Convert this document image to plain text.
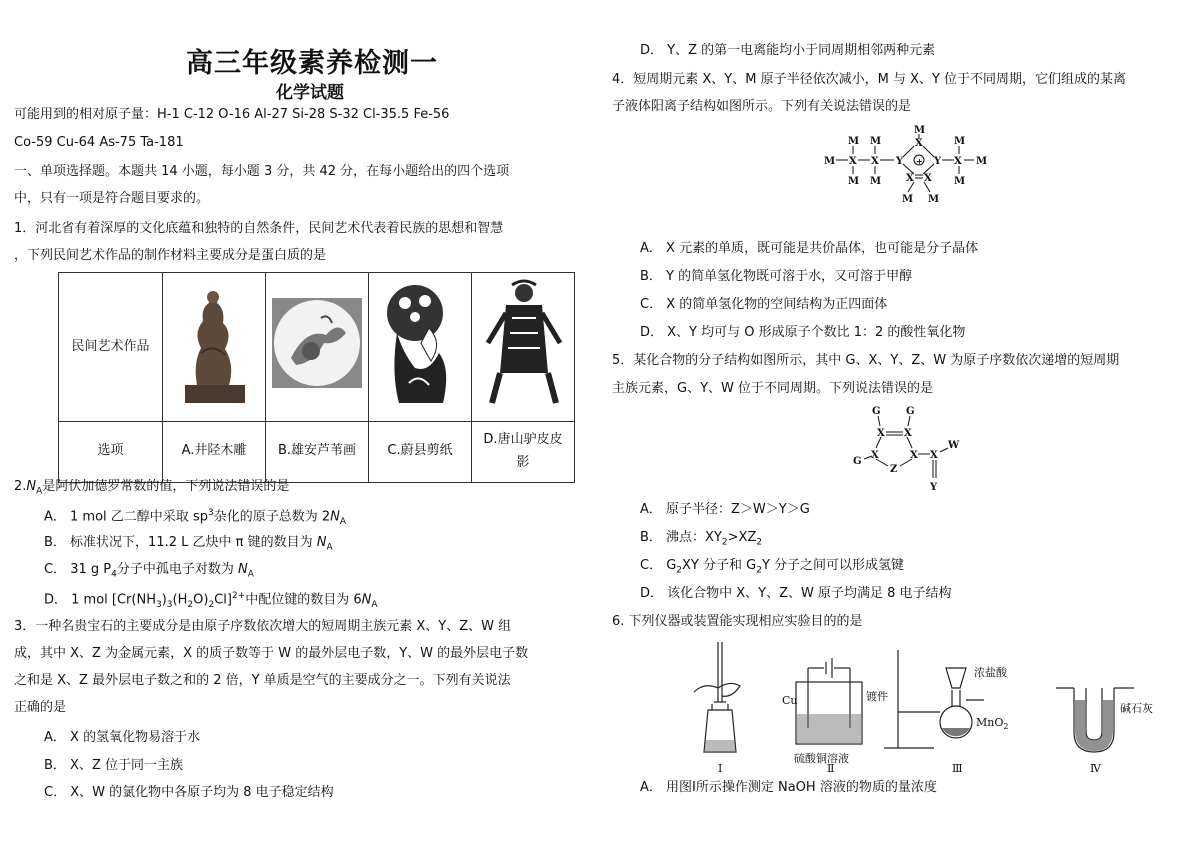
高三年级素养检测一
化学试题
可能用到的相对原子量：H-1 C-12 O-16 Al-27 Si-28 S-32 Cl-35.5 Fe-56
Co-59 Cu-64 As-75 Ta-181
一、单项选择题。本题共 14 小题，每小题 3 分，共 42 分，在每小题给出的四个选项
中，只有一项是符合题目要求的。
1．河北省有着深厚的文化底蕴和独特的自然条件，民间艺术代表着民族的思想和智慧
，下列民间艺术作品的制作材料主要成分是蛋白质的是
民间艺术作品				
选项	A.井陉木雕	B.雄安芦苇画	C.蔚县剪纸	D.唐山驴皮皮
影
$2.N_A$是阿伏加德罗常数的值，下列说法错误的是
A． 1 mol 乙二醇中采取 $sp^3$杂化的原子总数为 $2N_A$
B． 标准状况下，11.2 L 乙炔中 π 键的数目为 $N_A$
C． 31 g $P_4$分子中孤电子对数为 $N_A$
D． 1 mol $[Cr(NH_3)_3(H_2O)_2Cl]^{2+}$中配位键的数目为 $6N_A$
3．一种名贵宝石的主要成分是由原子序数依次增大的短周期主族元素 X、Y、Z、W 组
成，其中 X、Z 为金属元素，X 的质子数等于 W 的最外层电子数，Y、W 的最外层电子数
之和是 X、Z 最外层电子数之和的 2 倍，Y 单质是空气的主要成分之一。下列有关说法
正确的是
A． X 的氢氧化物易溶于水
B． X、Z 位于同一主族
C． X、W 的氯化物中各原子均为 8 电子稳定结构
D． Y、Z 的第一电离能均小于同周期相邻两种元素
4．短周期元素 X、Y、M 原子半径依次减小，M 与 X、Y 位于不同周期，它们组成的某离
子液体阳离子结构如图所示。下列有关说法错误的是
M X X Y	Y X M
M M
M M
M
X
X X
M
M
M M
+
A． X 元素的单质，既可能是共价晶体，也可能是分子晶体
B． Y 的简单氢化物既可溶于水，又可溶于甲醇
C． X 的简单氢化物的空间结构为正四面体
D． X、Y 均可与 O 形成原子个数比 1：2 的酸性氧化物
5．某化合物的分子结构如图所示，其中 G、X、Y、Z、W 为原子序数依次递增的短周期
主族元素，G、Y、W 位于不同周期。下列说法错误的是
G	G
X X
G
X	X
Z
X
W
Y
A． 原子半径：Z＞W＞Y＞G
B． 沸点：$XY_2>XZ_2$
C． $G_2XY$ 分子和 $G_2Y$ 分子之间可以形成氢键
D． 该化合物中 X、Y、Z、W 原子均满足 8 电子结构
6. 下列仪器或装置能实现相应实验目的的是
Cu	镀件
硫酸铜溶液
浓盐酸
MnO$_2$
碱石灰
Ⅰ	Ⅱ	Ⅲ	Ⅳ
A． 用图Ⅰ所示操作测定 NaOH 溶液的物质的量浓度
